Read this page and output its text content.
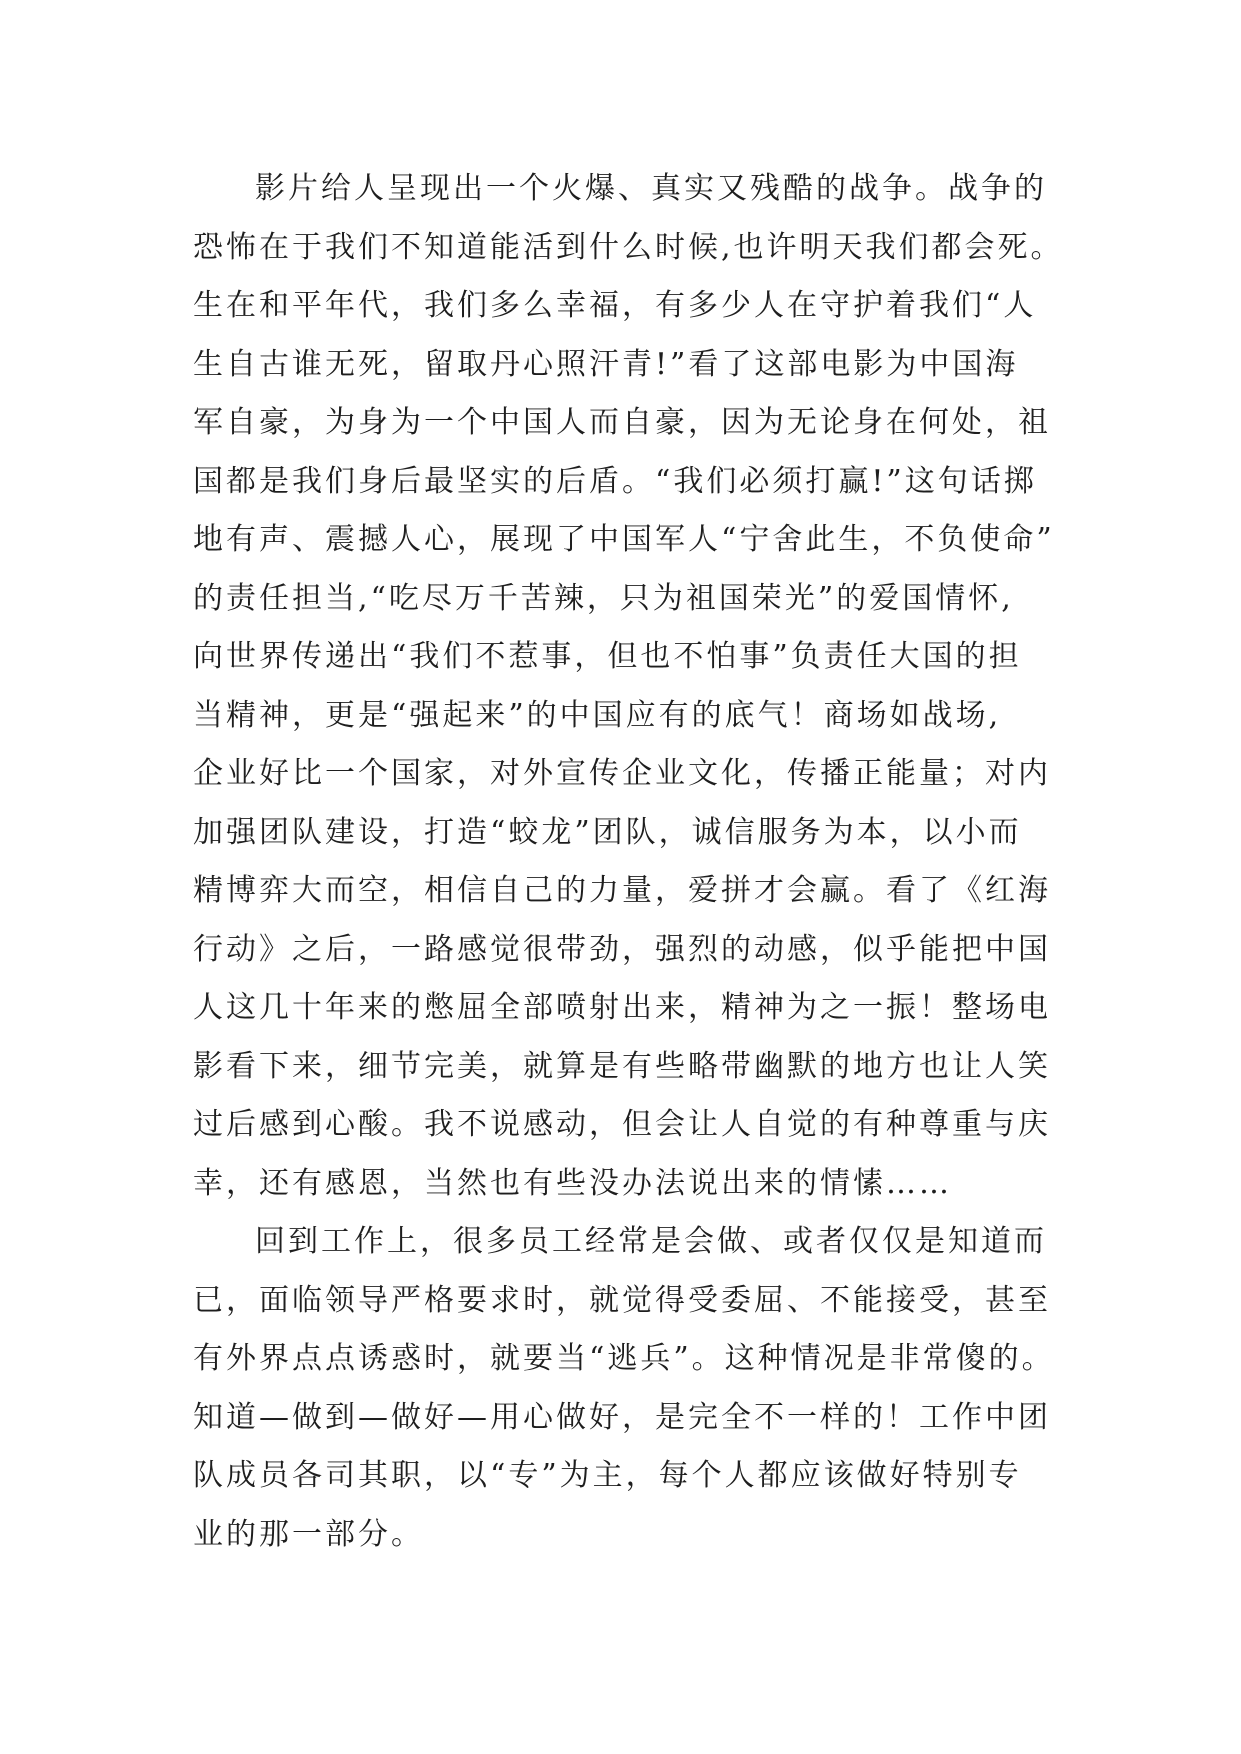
影片给人呈现出一个火爆、真实又残酷的战争。战争的
恐怖在于我们不知道能活到什么时候,也许明天我们都会死。
生在和平年代，我们多么幸福，有多少人在守护着我们“人
生自古谁无死，留取丹心照汗青!”看了这部电影为中国海
军自豪，为身为一个中国人而自豪，因为无论身在何处，祖
国都是我们身后最坚实的后盾。“我们必须打赢!”这句话掷
地有声、震撼人心，展现了中国军人“宁舍此生，不负使命”
的责任担当,“吃尽万千苦辣，只为祖国荣光”的爱国情怀,
向世界传递出“我们不惹事，但也不怕事”负责任大国的担
当精神，更是“强起来”的中国应有的底气！商场如战场,
企业好比一个国家，对外宣传企业文化，传播正能量；对内
加强团队建设，打造“蛟龙”团队，诚信服务为本，以小而
精博弈大而空，相信自己的力量，爱拼才会赢。看了《红海
行动》之后，一路感觉很带劲，强烈的动感，似乎能把中国
人这几十年来的憋屈全部喷射出来，精神为之一振！整场电
影看下来，细节完美，就算是有些略带幽默的地方也让人笑
过后感到心酸。我不说感动，但会让人自觉的有种尊重与庆
幸，还有感恩，当然也有些没办法说出来的情愫……
回到工作上，很多员工经常是会做、或者仅仅是知道而
已，面临领导严格要求时，就觉得受委屈、不能接受，甚至
有外界点点诱惑时，就要当“逃兵”。这种情况是非常傻的。
知道—做到—做好—用心做好，是完全不一样的！工作中团
队成员各司其职，以“专”为主，每个人都应该做好特别专
业的那一部分。
